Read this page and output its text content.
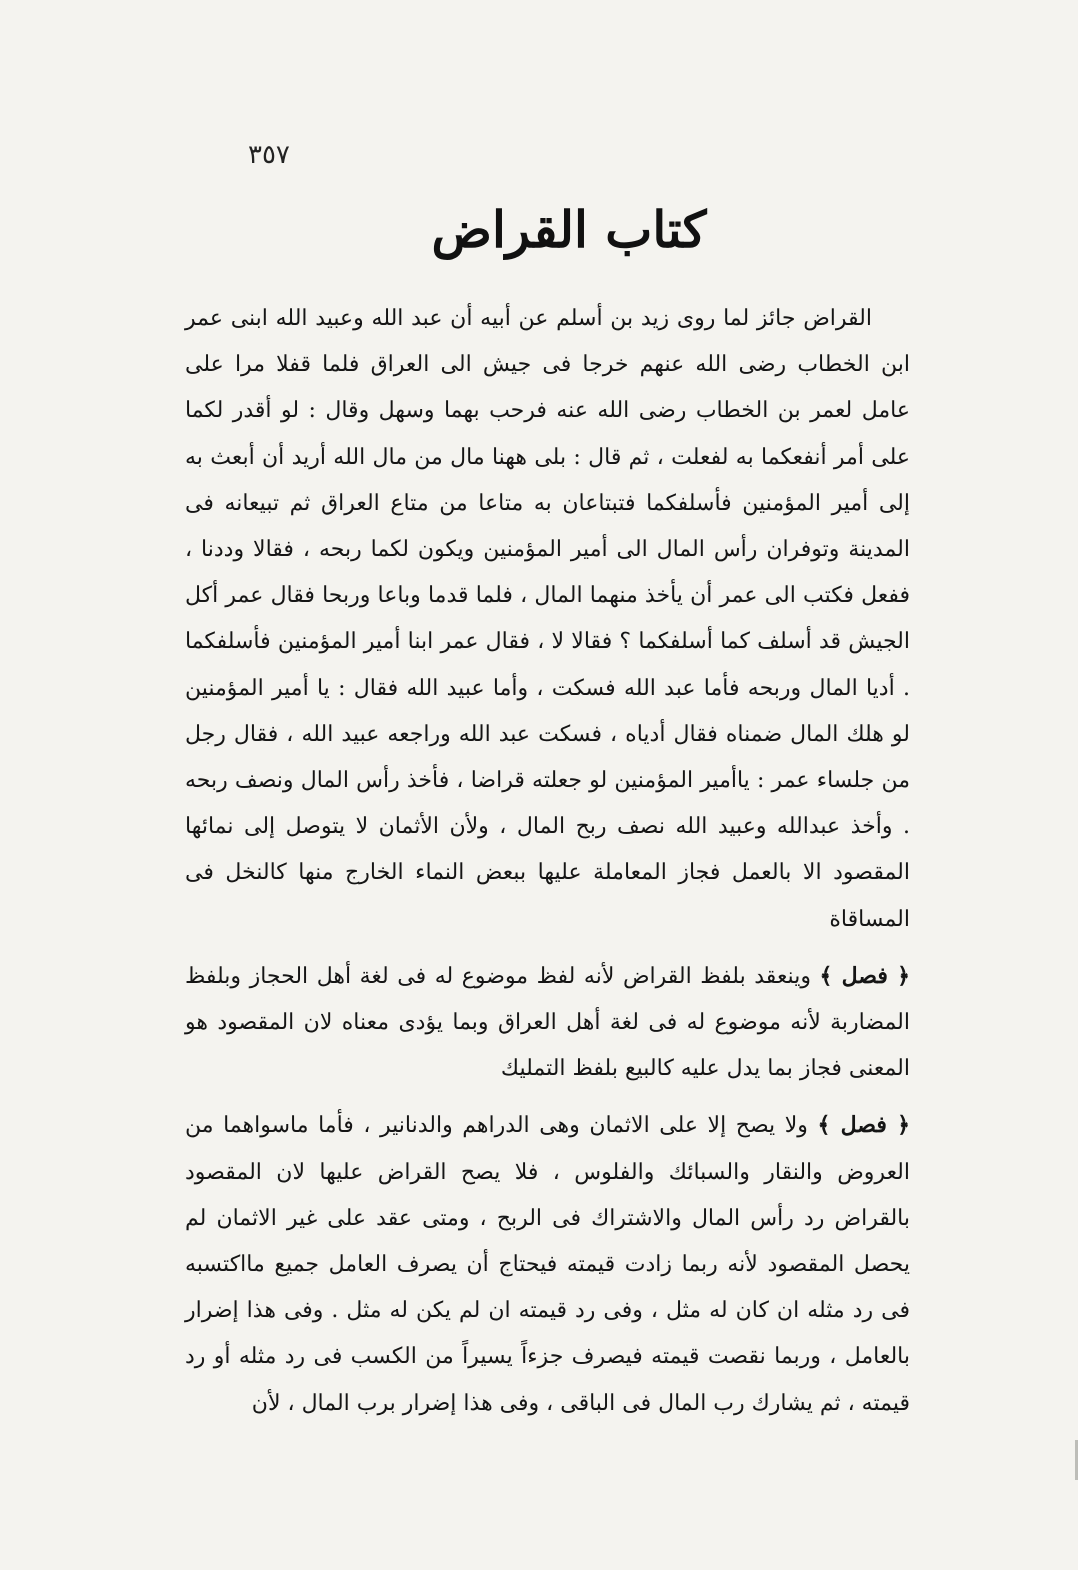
٣٥٧
كتاب القراض

القراض جائز لما روى زيد بن أسلم عن أبيه أن عبد الله وعبيد الله ابنى عمر ابن الخطاب رضى الله عنهم خرجا فى جيش الى العراق فلما قفلا مرا على عامل لعمر بن الخطاب رضى الله عنه فرحب بهما وسهل وقال : لو أقدر لكما على أمر أنفعكما به لفعلت ، ثم قال : بلى ههنا مال من مال الله أريد أن أبعث به إلى أمير المؤمنين فأسلفكما فتبتاعان به متاعا من متاع العراق ثم تبيعانه فى المدينة وتوفران رأس المال الى أمير المؤمنين ويكون لكما ربحه ، فقالا وددنا ، ففعل فكتب الى عمر أن يأخذ منهما المال ، فلما قدما وباعا وربحا فقال عمر أكل الجيش قد أسلف كما أسلفكما ؟ فقالا لا ، فقال عمر ابنا أمير المؤمنين فأسلفكما . أديا المال وربحه فأما عبد الله فسكت ، وأما عبيد الله فقال : يا أمير المؤمنين لو هلك المال ضمناه فقال أدياه ، فسكت عبد الله وراجعه عبيد الله ، فقال رجل من جلساء عمر : ياأمير المؤمنين لو جعلته قراضا ، فأخذ رأس المال ونصف ربحه . وأخذ عبدالله وعبيد الله نصف ربح المال ، ولأن الأثمان لا يتوصل إلى نمائها المقصود الا بالعمل فجاز المعاملة عليها ببعض النماء الخارج منها كالنخل فى المساقاة

﴿ فصل ﴾ وينعقد بلفظ القراض لأنه لفظ موضوع له فى لغة أهل الحجاز وبلفظ المضاربة لأنه موضوع له فى لغة أهل العراق وبما يؤدى معناه لان المقصود هو المعنى فجاز بما يدل عليه كالبيع بلفظ التمليك

﴿ فصل ﴾ ولا يصح إلا على الاثمان وهى الدراهم والدنانير ، فأما ماسواهما من العروض والنقار والسبائك والفلوس ، فلا يصح القراض عليها لان المقصود بالقراض رد رأس المال والاشتراك فى الربح ، ومتى عقد على غير الاثمان لم يحصل المقصود لأنه ربما زادت قيمته فيحتاج أن يصرف العامل جميع مااكتسبه فى رد مثله ان كان له مثل ، وفى رد قيمته ان لم يكن له مثل . وفى هذا إضرار بالعامل ، وربما نقصت قيمته فيصرف جزءاً يسيراً من الكسب فى رد مثله أو رد قيمته ، ثم يشارك رب المال فى الباقى ، وفى هذا إضرار برب المال ، لأن
